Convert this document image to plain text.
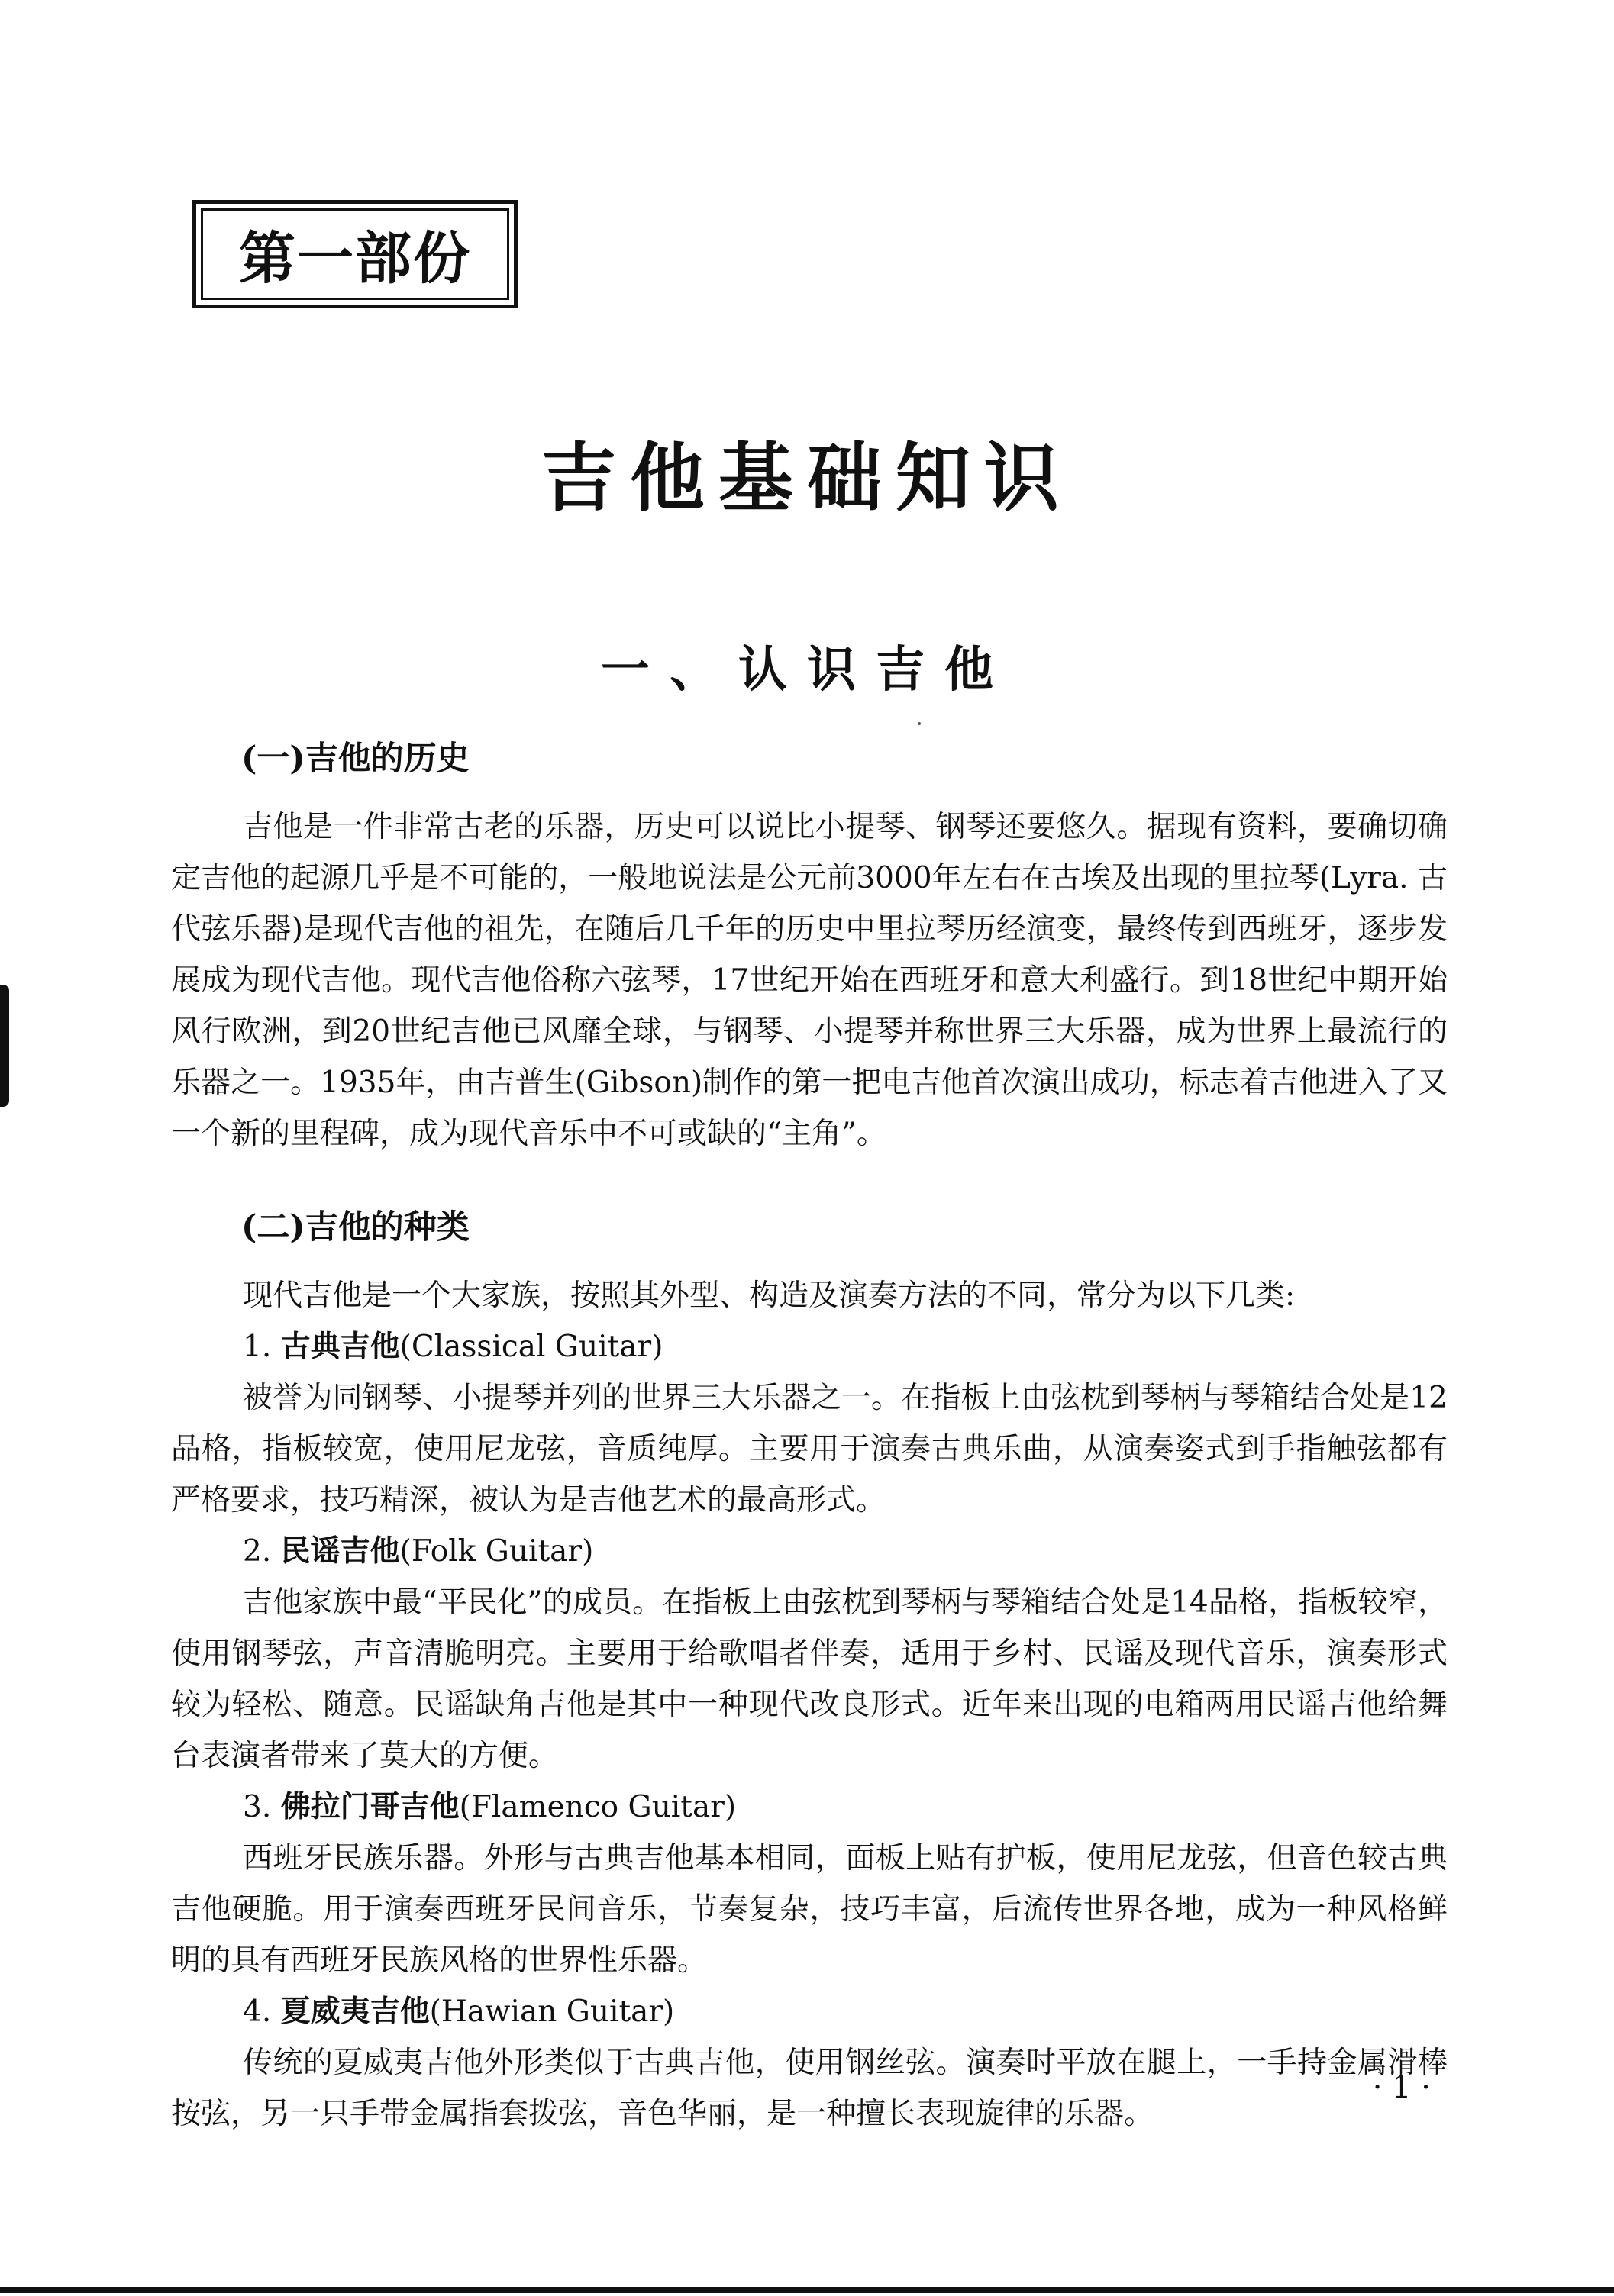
第一部份
吉他基础知识
一、认识吉他
(一)吉他的历史

吉他是一件非常古老的乐器，历史可以说比小提琴、钢琴还要悠久。据现有资料，要确切确定吉他的起源几乎是不可能的，一般地说法是公元前3000年左右在古埃及出现的里拉琴(Lyra. 古代弦乐器)是现代吉他的祖先，在随后几千年的历史中里拉琴历经演变，最终传到西班牙，逐步发展成为现代吉他。现代吉他俗称六弦琴，17世纪开始在西班牙和意大利盛行。到18世纪中期开始风行欧洲，到20世纪吉他已风靡全球，与钢琴、小提琴并称世界三大乐器，成为世界上最流行的乐器之一。1935年，由吉普生(Gibson)制作的第一把电吉他首次演出成功，标志着吉他进入了又一个新的里程碑，成为现代音乐中不可或缺的“主角”。

(二)吉他的种类

现代吉他是一个大家族，按照其外型、构造及演奏方法的不同，常分为以下几类:

1. 古典吉他(Classical Guitar)

被誉为同钢琴、小提琴并列的世界三大乐器之一。在指板上由弦枕到琴柄与琴箱结合处是12品格，指板较宽，使用尼龙弦，音质纯厚。主要用于演奏古典乐曲，从演奏姿式到手指触弦都有严格要求，技巧精深，被认为是吉他艺术的最高形式。

2. 民谣吉他(Folk Guitar)

吉他家族中最“平民化”的成员。在指板上由弦枕到琴柄与琴箱结合处是14品格，指板较窄，使用钢琴弦，声音清脆明亮。主要用于给歌唱者伴奏，适用于乡村、民谣及现代音乐，演奏形式较为轻松、随意。民谣缺角吉他是其中一种现代改良形式。近年来出现的电箱两用民谣吉他给舞台表演者带来了莫大的方便。

3. 佛拉门哥吉他(Flamenco Guitar)

西班牙民族乐器。外形与古典吉他基本相同，面板上贴有护板，使用尼龙弦，但音色较古典吉他硬脆。用于演奏西班牙民间音乐，节奏复杂，技巧丰富，后流传世界各地，成为一种风格鲜明的具有西班牙民族风格的世界性乐器。

4. 夏威夷吉他(Hawian Guitar)

传统的夏威夷吉他外形类似于古典吉他，使用钢丝弦。演奏时平放在腿上，一手持金属滑棒按弦，另一只手带金属指套拨弦，音色华丽，是一种擅长表现旋律的乐器。

· 1 ·
